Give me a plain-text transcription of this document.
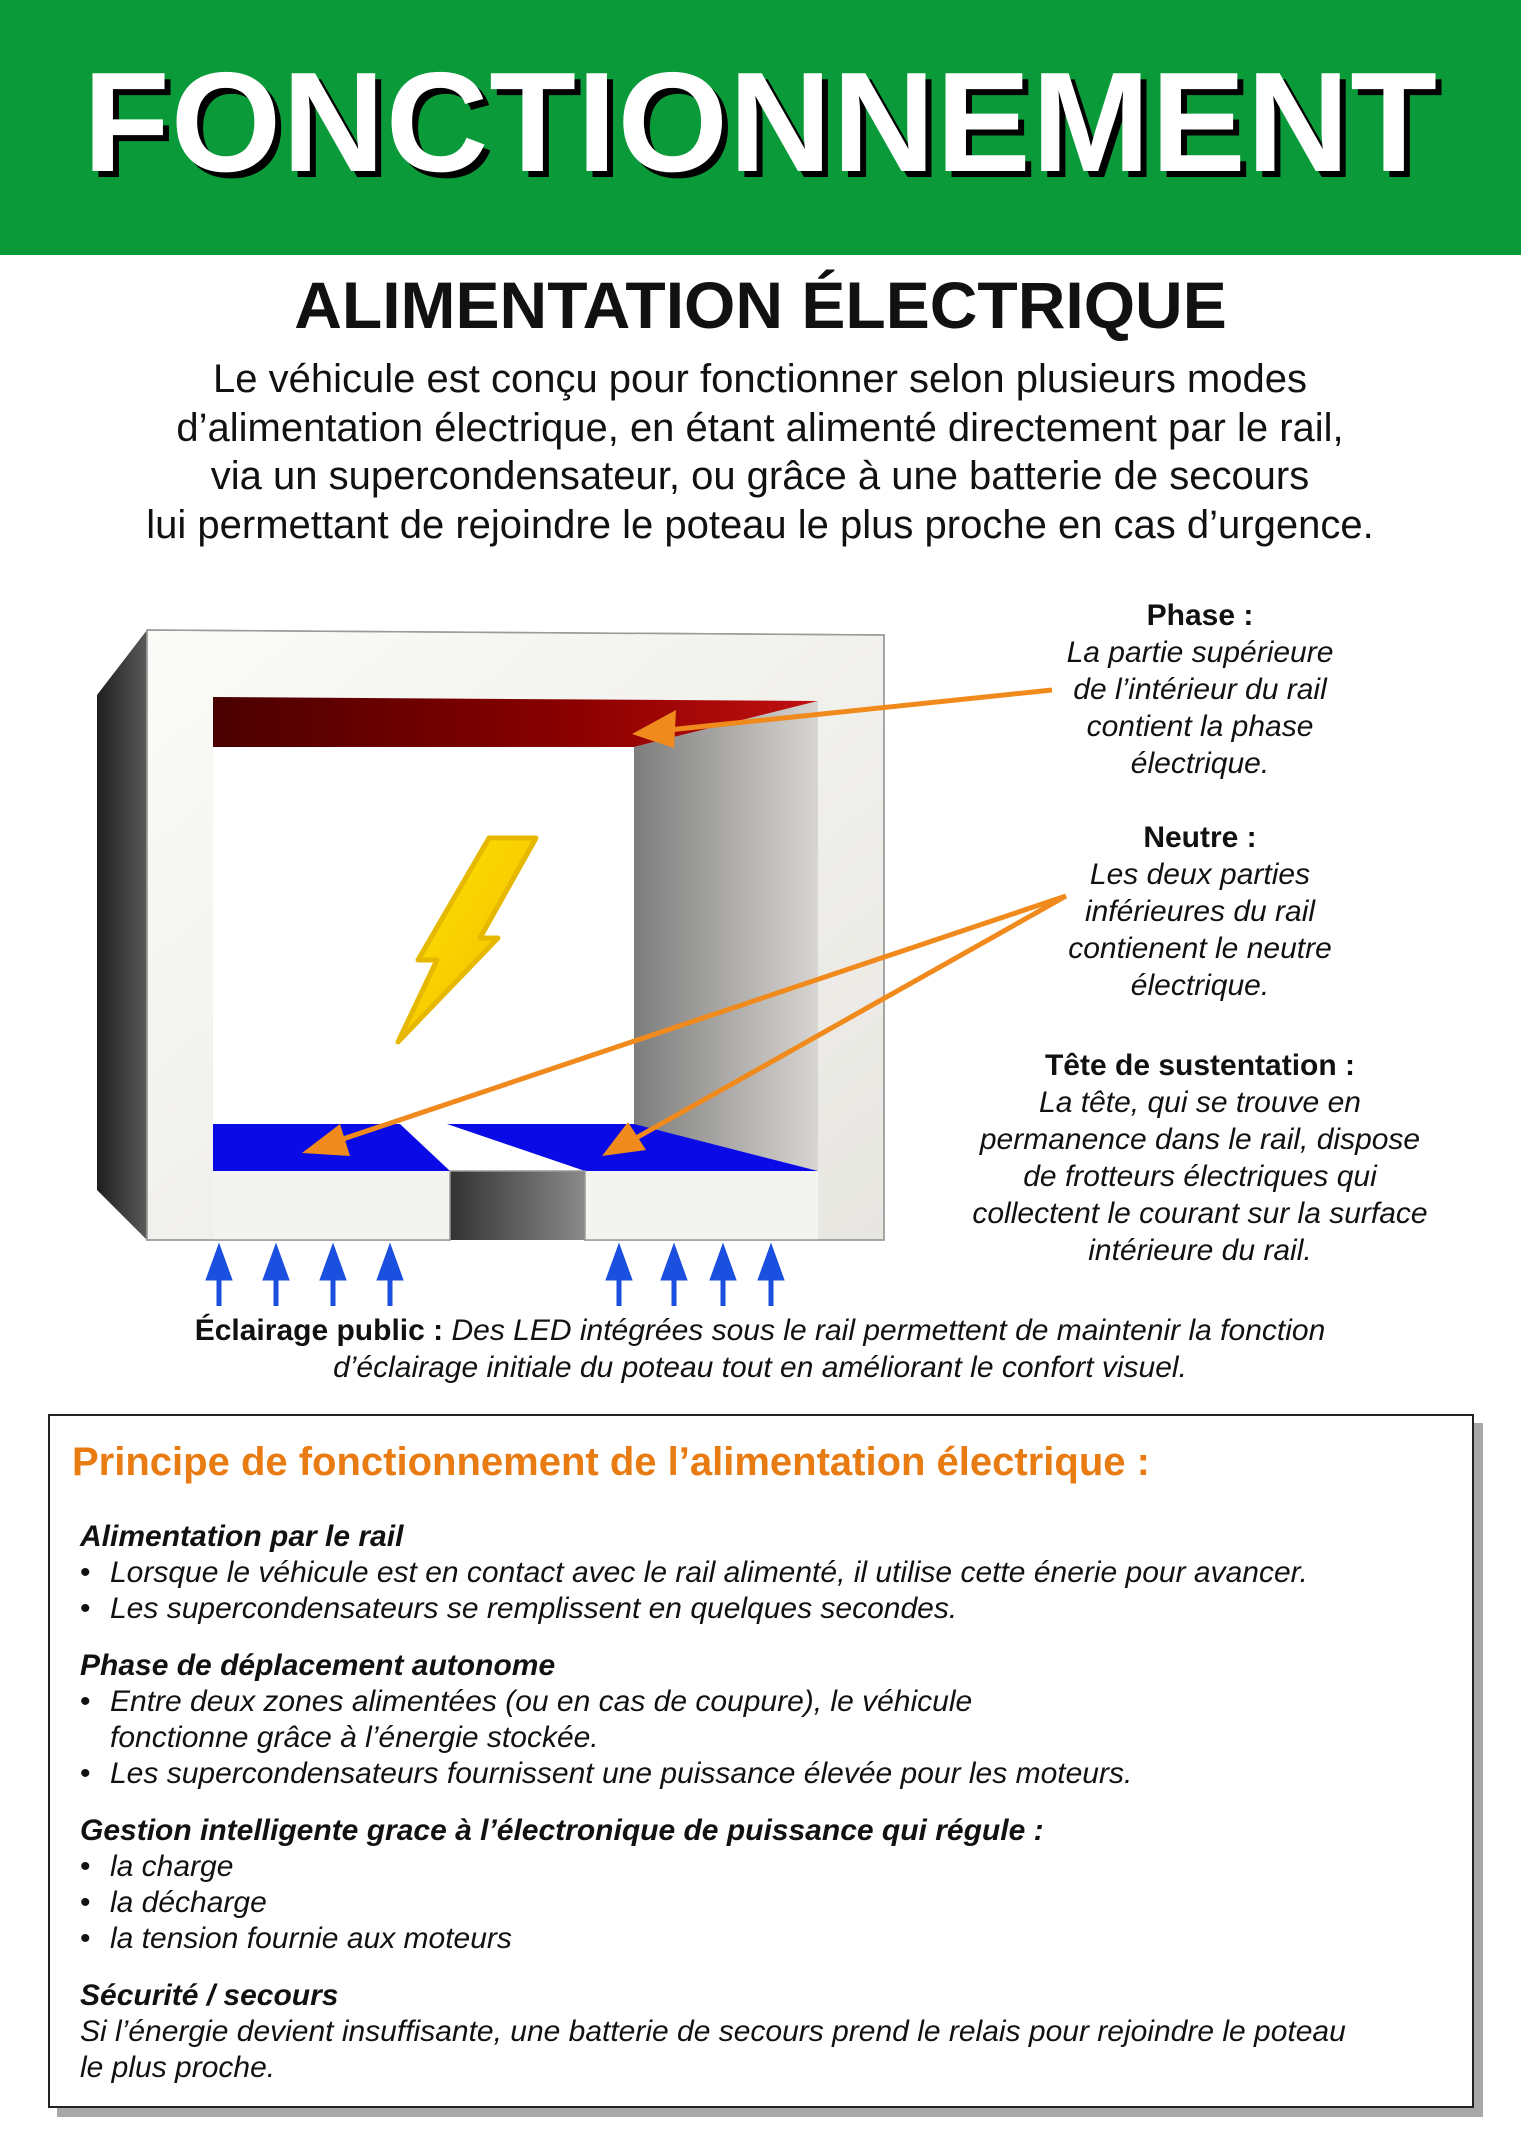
FONCTIONNEMENT
ALIMENTATION ÉLECTRIQUE

Le véhicule est conçu pour fonctionner selon plusieurs modes
d’alimentation électrique, en étant alimenté directement par le rail,
via un supercondensateur, ou grâce à une batterie de secours
lui permettant de rejoindre le poteau le plus proche en cas d’urgence.

Phase :
La partie supérieure
de l’intérieur du rail
contient la phase
électrique.
Neutre :
Les deux parties
inférieures du rail
contienent le neutre
électrique.
Tête de sustentation :
La tête, qui se trouve en
permanence dans le rail, dispose
de frotteurs électriques qui
collectent le courant sur la surface
intérieure du rail.
Éclairage public : Des LED intégrées sous le rail permettent de maintenir la fonction
d’éclairage initiale du poteau tout en améliorant le confort visuel.
Principe de fonctionnement de l’alimentation électrique :
Alimentation par le rail
• Lorsque le véhicule est en contact avec le rail alimenté, il utilise cette énerie pour avancer.
• Les supercondensateurs se remplissent en quelques secondes.
Phase de déplacement autonome
• Entre deux zones alimentées (ou en cas de coupure), le véhicule fonctionne grâce à l’énergie stockée.
• Les supercondensateurs fournissent une puissance élevée pour les moteurs.
Gestion intelligente grace à l’électronique de puissance qui régule :
• la charge
• la décharge
• la tension fournie aux moteurs
Sécurité / secours

Si l’énergie devient insuffisante, une batterie de secours prend le relais pour rejoindre le poteau le plus proche.
